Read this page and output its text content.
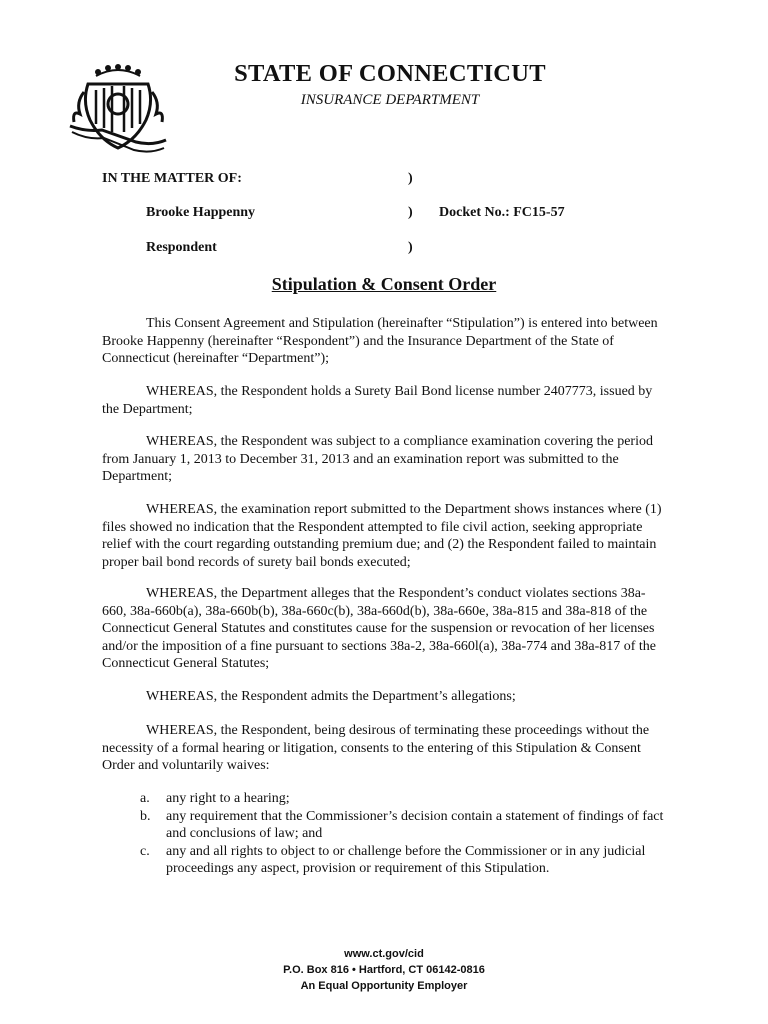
STATE OF CONNECTICUT
INSURANCE DEPARTMENT
IN THE MATTER OF:	)
Brooke Happenny	) Docket No.: FC15-57
Respondent	)
Stipulation & Consent Order

This Consent Agreement and Stipulation (hereinafter “Stipulation”) is entered into between Brooke Happenny (hereinafter “Respondent”) and the Insurance Department of the State of Connecticut (hereinafter “Department”);

WHEREAS, the Respondent holds a Surety Bail Bond license number 2407773, issued by the Department;

WHEREAS, the Respondent was subject to a compliance examination covering the period from January 1, 2013 to December 31, 2013 and an examination report was submitted to the Department;

WHEREAS, the examination report submitted to the Department shows instances where (1) files showed no indication that the Respondent attempted to file civil action, seeking appropriate relief with the court regarding outstanding premium due; and (2) the Respondent failed to maintain proper bail bond records of surety bail bonds executed;

WHEREAS, the Department alleges that the Respondent’s conduct violates sections 38a-660, 38a-660b(a), 38a-660b(b), 38a-660c(b), 38a-660d(b), 38a-660e, 38a-815 and 38a-818 of the Connecticut General Statutes and constitutes cause for the suspension or revocation of her licenses and/or the imposition of a fine pursuant to sections 38a-2, 38a-660l(a), 38a-774 and 38a-817 of the Connecticut General Statutes;

WHEREAS, the Respondent admits the Department’s allegations;

WHEREAS, the Respondent, being desirous of terminating these proceedings without the necessity of a formal hearing or litigation, consents to the entering of this Stipulation & Consent Order and voluntarily waives:

a.	any right to a hearing;
b.	any requirement that the Commissioner’s decision contain a statement of findings of fact and conclusions of law; and
c.	any and all rights to object to or challenge before the Commissioner or in any judicial proceedings any aspect, provision or requirement of this Stipulation.
www.ct.gov/cid
P.O. Box 816 • Hartford, CT 06142-0816
An Equal Opportunity Employer
